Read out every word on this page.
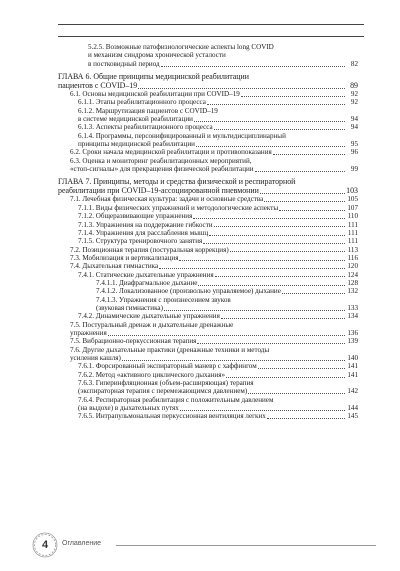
5.2.5. Возможные патофизиологические аспекты long COVID
и механизм синдрома хронической усталости
в постковидный период	82
ГЛАВА 6. Общие принципы медицинской реабилитации
пациентов с COVID–19	89
6.1. Основы медицинской реабилитации при COVID–19	92
6.1.1. Этапы реабилитационного процесса	92
6.1.2. Маршрутизация пациентов с COVID–19
в системе медицинской реабилитации	94
6.1.3. Аспекты реабилитационного процесса	94
6.1.4. Программы, персонифицированный и мультидисциплинарный
принципы медицинской реабилитации	95
6.2. Сроки начала медицинской реабилитации и противопоказания	96
6.3. Оценка и мониторинг реабилитационных мероприятий,
«стоп-сигналы» для прекращения физической реабилитации	99
ГЛАВА 7. Принципы, методы и средства физической и респираторной
реабилитации при COVID–19-ассоциированной пневмонии	103
7.1. Лечебная физическая культура: задачи и основные средства	105
7.1.1. Виды физических упражнений и методологические аспекты	107
7.1.2. Общеразвивающие упражнения	110
7.1.3. Упражнения на поддержание гибкости	111
7.1.4. Упражнения для расслабления мышц	111
7.1.5. Структура тренировочного занятия	111
7.2. Позиционная терапия (постуральная коррекция)	113
7.3. Мобилизация и вертикализация	116
7.4. Дыхательная гимнастика	120
7.4.1. Статические дыхательные упражнения	124
7.4.1.1. Диафрагмальное дыхание	128
7.4.1.2. Локализованное (произвольно управляемое) дыхание	132
7.4.1.3. Упражнения с произнесением звуков
(звуковая гимнастика)	133
7.4.2. Динамические дыхательные упражнения	134
7.5. Постуральный дренаж и дыхательные дренажные
упражнения	136
7.5. Вибрационно-перкуссионная терапия	139
7.6. Другие дыхательные практики (дренажные техники и методы
усиления кашля)	140
7.6.1. Форсированный экспираторный маневр с хаффингом	141
7.6.2. Метод «активного циклического дыхания»	141
7.6.3. Гиперинфляционная (объем-расширяющая) терапия
(экспираторная терапия с перемежающимся давлением)	142
7.6.4. Респираторная реабилитация с положительным давлением
(на выдохе) в дыхательных путях	144
7.6.5. Интрапульмональная перкуссионная вентиляция легких	145
4	Оглавление
